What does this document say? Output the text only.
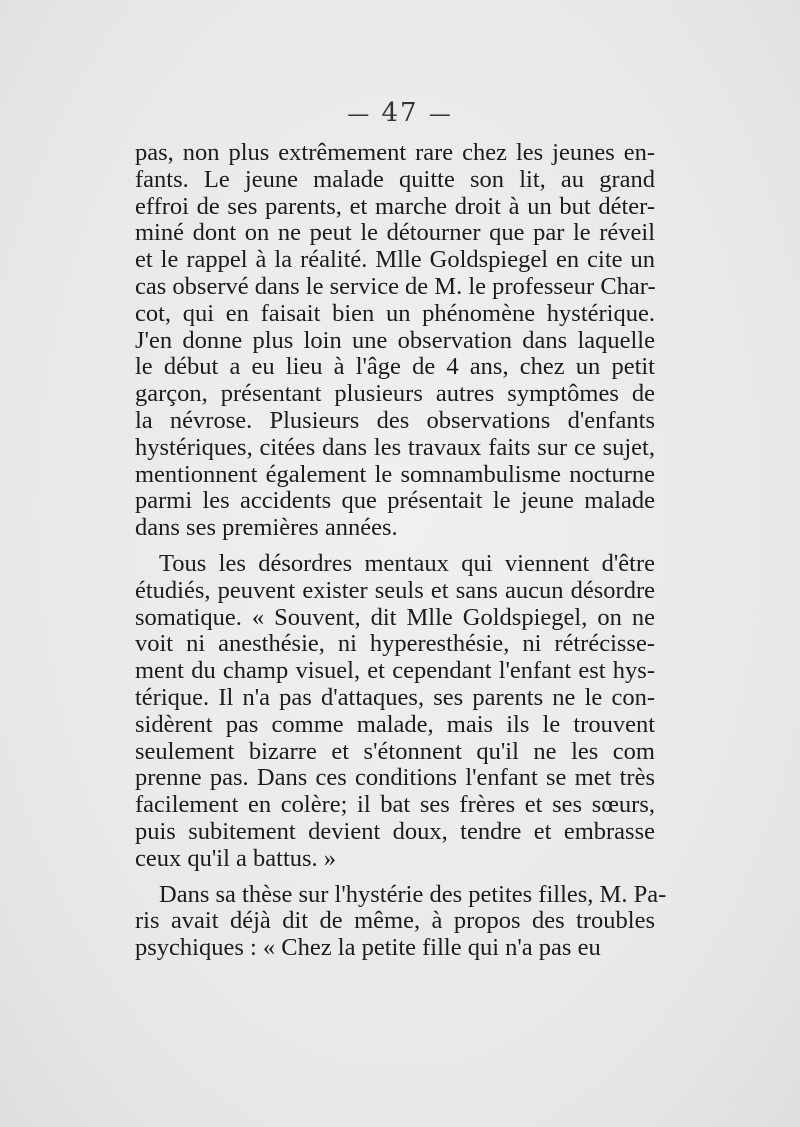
— 47 —
pas, non plus extrêmement rare chez les jeunes en-
fants. Le jeune malade quitte son lit, au grand
effroi de ses parents, et marche droit à un but déter-
miné dont on ne peut le détourner que par le réveil
et le rappel à la réalité. Mlle Goldspiegel en cite un
cas observé dans le service de M. le professeur Char-
cot, qui en faisait bien un phénomène hystérique.
J'en donne plus loin une observation dans laquelle
le début a eu lieu à l'âge de 4 ans, chez un petit
garçon, présentant plusieurs autres symptômes de
la névrose. Plusieurs des observations d'enfants
hystériques, citées dans les travaux faits sur ce sujet,
mentionnent également le somnambulisme nocturne
parmi les accidents que présentait le jeune malade
dans ses premières années.
Tous les désordres mentaux qui viennent d'être
étudiés, peuvent exister seuls et sans aucun désordre
somatique. « Souvent, dit Mlle Goldspiegel, on ne
voit ni anesthésie, ni hyperesthésie, ni rétrécisse-
ment du champ visuel, et cependant l'enfant est hys-
térique. Il n'a pas d'attaques, ses parents ne le con-
sidèrent pas comme malade, mais ils le trouvent
seulement bizarre et s'étonnent qu'il ne les com
prenne pas. Dans ces conditions l'enfant se met très
facilement en colère; il bat ses frères et ses sœurs,
puis subitement devient doux, tendre et embrasse
ceux qu'il a battus. »
Dans sa thèse sur l'hystérie des petites filles, M. Pa-
ris avait déjà dit de même, à propos des troubles
psychiques : « Chez la petite fille qui n'a pas eu
